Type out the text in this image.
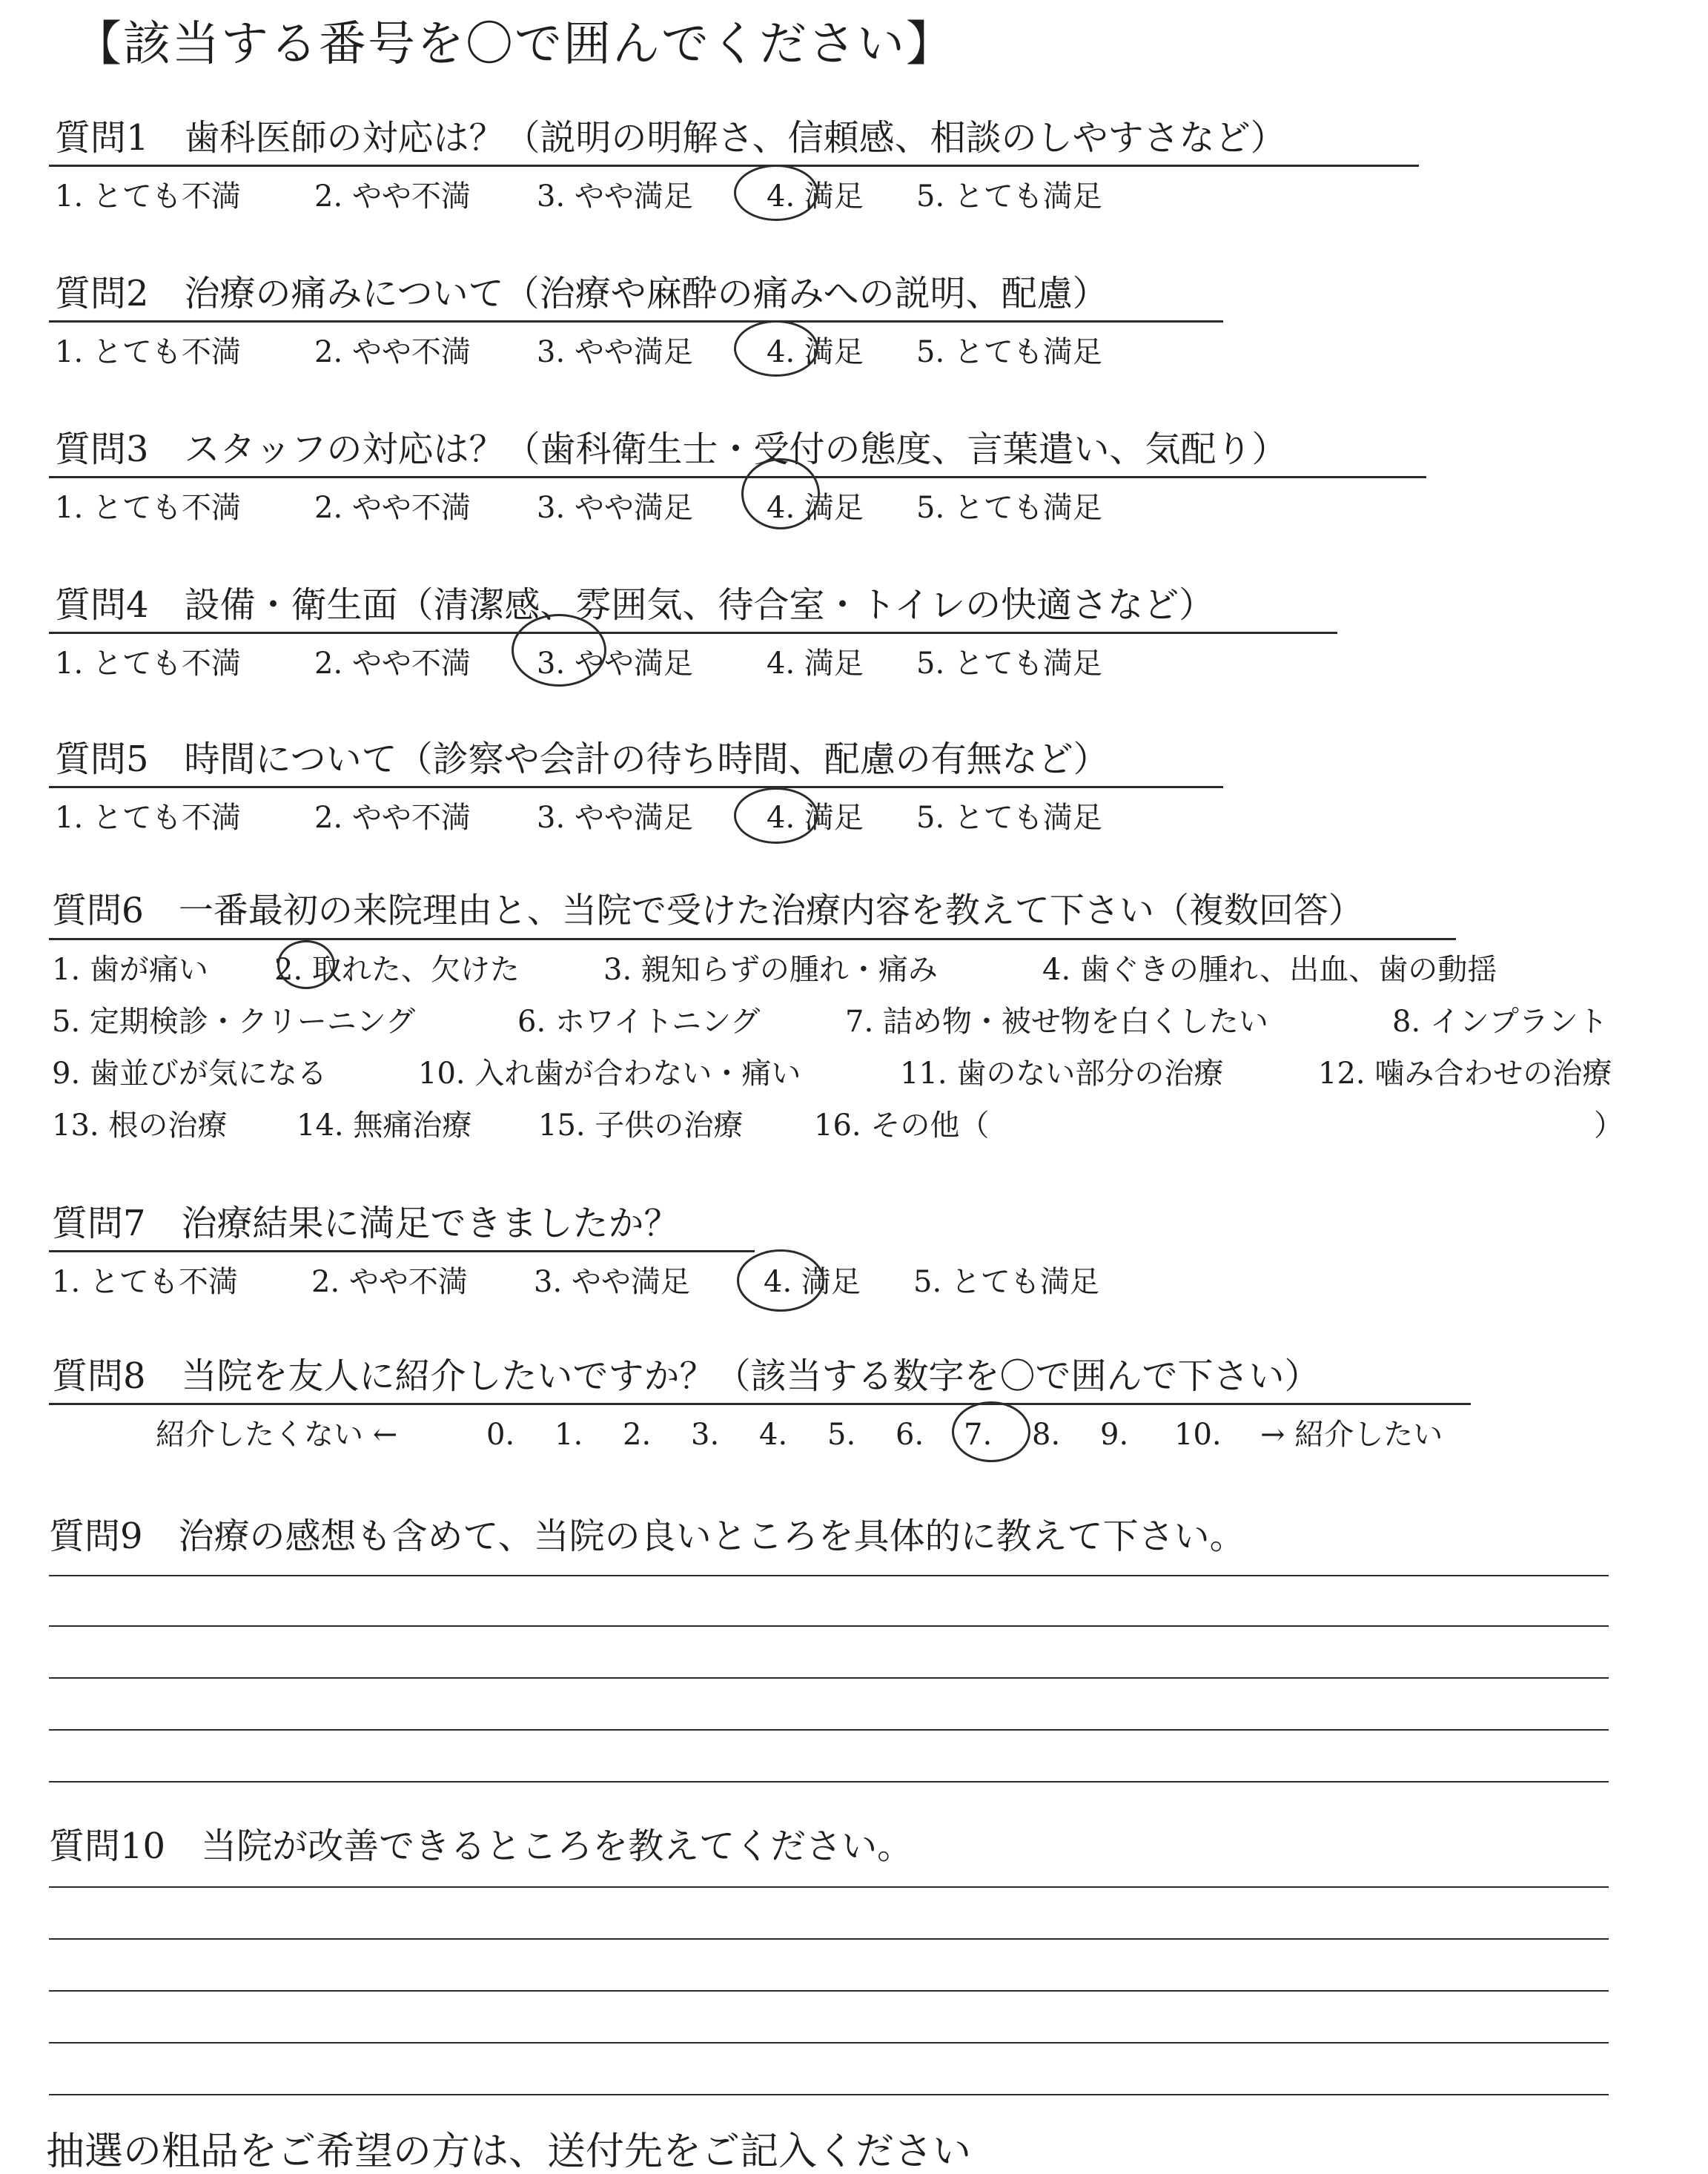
【該当する番号を〇で囲んでください】
質問1　歯科医師の対応は？（説明の明解さ、信頼感、相談のしやすさなど）
1. とても不満 2. やや不満 3. やや満足 4. 満足 5. とても満足
質問2　治療の痛みについて（治療や麻酔の痛みへの説明、配慮）
1. とても不満 2. やや不満 3. やや満足 4. 満足 5. とても満足
質問3　スタッフの対応は？（歯科衛生士・受付の態度、言葉遣い、気配り）
1. とても不満 2. やや不満 3. やや満足 4. 満足 5. とても満足
質問4　設備・衛生面（清潔感、雰囲気、待合室・トイレの快適さなど）
1. とても不満 2. やや不満 3. やや満足 4. 満足 5. とても満足
質問5　時間について（診察や会計の待ち時間、配慮の有無など）
1. とても不満 2. やや不満 3. やや満足 4. 満足 5. とても満足
質問6　一番最初の来院理由と、当院で受けた治療内容を教えて下さい（複数回答）
1. 歯が痛い 2. 取れた、欠けた	3. 親知らずの腫れ・痛み	4. 歯ぐきの腫れ、出血、歯の動揺
5. 定期検診・クリーニング	6. ホワイトニング	7. 詰め物・被せ物を白くしたい	8. インプラント
9. 歯並びが気になる	10. 入れ歯が合わない・痛い	11. 歯のない部分の治療	12. 噛み合わせの治療
13. 根の治療 14. 無痛治療 15. 子供の治療 16. その他（	）
質問7　治療結果に満足できましたか？
1. とても不満 2. やや不満 3. やや満足 4. 満足 5. とても満足
質問8　当院を友人に紹介したいですか？（該当する数字を〇で囲んで下さい）
紹介したくない ←	0. 1. 2. 3. 4. 5. 6. 7. 8. 9. 10. → 紹介したい
質問9　治療の感想も含めて、当院の良いところを具体的に教えて下さい。
質問10　当院が改善できるところを教えてください。
抽選の粗品をご希望の方は、送付先をご記入ください
